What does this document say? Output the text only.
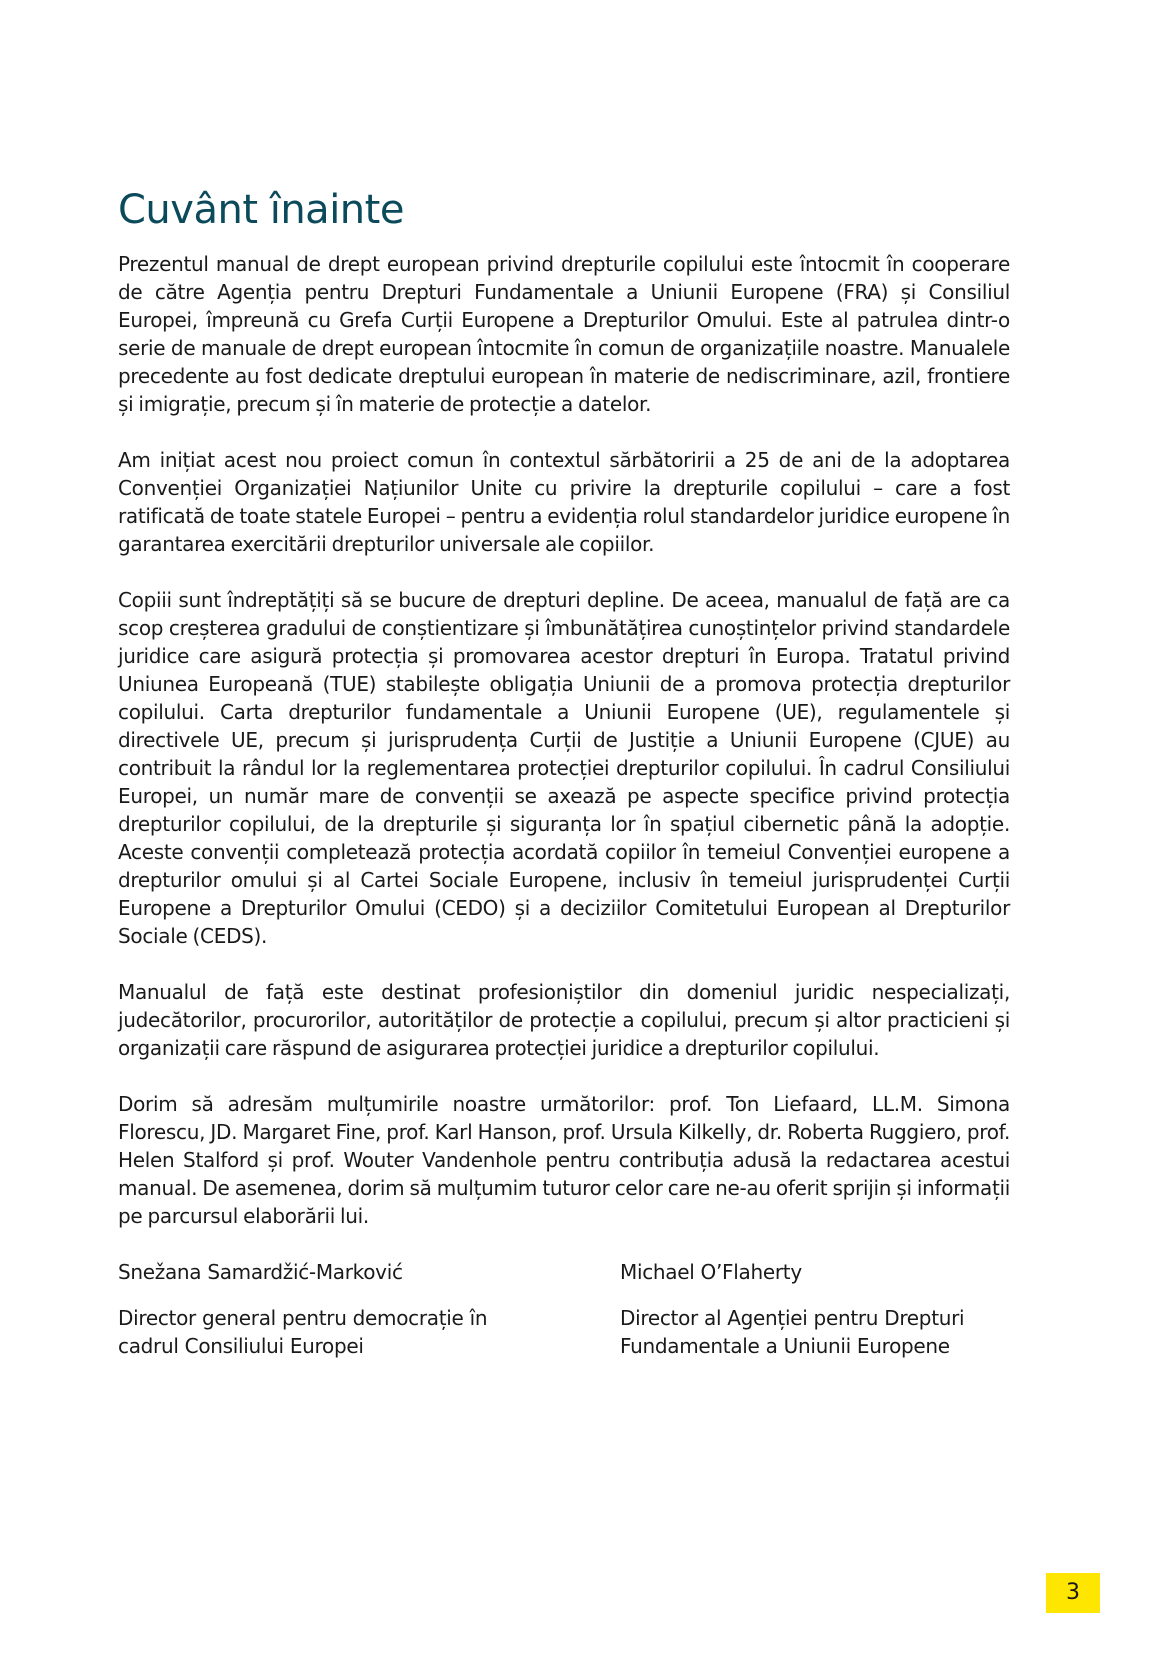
Cuvânt înainte

Prezentul manual de drept european privind drepturile copilului este întocmit în cooperare de către Agenția pentru Drepturi Fundamentale a Uniunii Europene (FRA) și Consiliul Europei, împreună cu Grefa Curții Europene a Drepturilor Omului. Este al patrulea dintr-o serie de manuale de drept european întocmite în comun de organizațiile noastre. Manualele precedente au fost dedicate dreptului european în materie de nediscriminare, azil, frontiere și imigrație, precum și în materie de protecție a datelor.

Am inițiat acest nou proiect comun în contextul sărbătoririi a 25 de ani de la adoptarea Convenției Organizației Națiunilor Unite cu privire la drepturile copilului – care a fost ratificată de toate statele Europei – pentru a evidenția rolul standardelor juridice europene în garantarea exercitării drepturilor universale ale copiilor.

Copiii sunt îndreptățiți să se bucure de drepturi depline. De aceea, manualul de față are ca scop creșterea gradului de conștientizare și îmbunătățirea cunoștințelor privind standardele juridice care asigură protecția și promovarea acestor drepturi în Europa. Tratatul privind Uniunea Europeană (TUE) stabilește obligația Uniunii de a promova protecția drepturilor copilului. Carta drepturilor fundamentale a Uniunii Europene (UE), regulamentele și directivele UE, precum și jurisprudența Curții de Justiție a Uniunii Europene (CJUE) au contribuit la rândul lor la reglementarea protecției drepturilor copilului. În cadrul Consiliului Europei, un număr mare de convenții se axează pe aspecte specifice privind protecția drepturilor copilului, de la drepturile și siguranța lor în spațiul cibernetic până la adopție. Aceste convenții completează protecția acordată copiilor în temeiul Convenției europene a drepturilor omului și al Cartei Sociale Europene, inclusiv în temeiul jurisprudenței Curții Europene a Drepturilor Omului (CEDO) și a deciziilor Comitetului European al Drepturilor Sociale (CEDS).

Manualul de față este destinat profesioniștilor din domeniul juridic nespecializați, judecătorilor, procurorilor, autorităților de protecție a copilului, precum și altor practicieni și organizații care răspund de asigurarea protecției juridice a drepturilor copilului.

Dorim să adresăm mulțumirile noastre următorilor: prof. Ton Liefaard, LL.M. Simona Florescu, JD. Margaret Fine, prof. Karl Hanson, prof. Ursula Kilkelly, dr. Roberta Ruggiero, prof. Helen Stalford și prof. Wouter Vandenhole pentru contribuția adusă la redactarea acestui manual. De asemenea, dorim să mulțumim tuturor celor care ne-au oferit sprijin și informații pe parcursul elaborării lui.

Snežana Samardžić-Marković

Director general pentru democrație în cadrul Consiliului Europei

Michael O’Flaherty

Director al Agenției pentru Drepturi Fundamentale a Uniunii Europene

3
